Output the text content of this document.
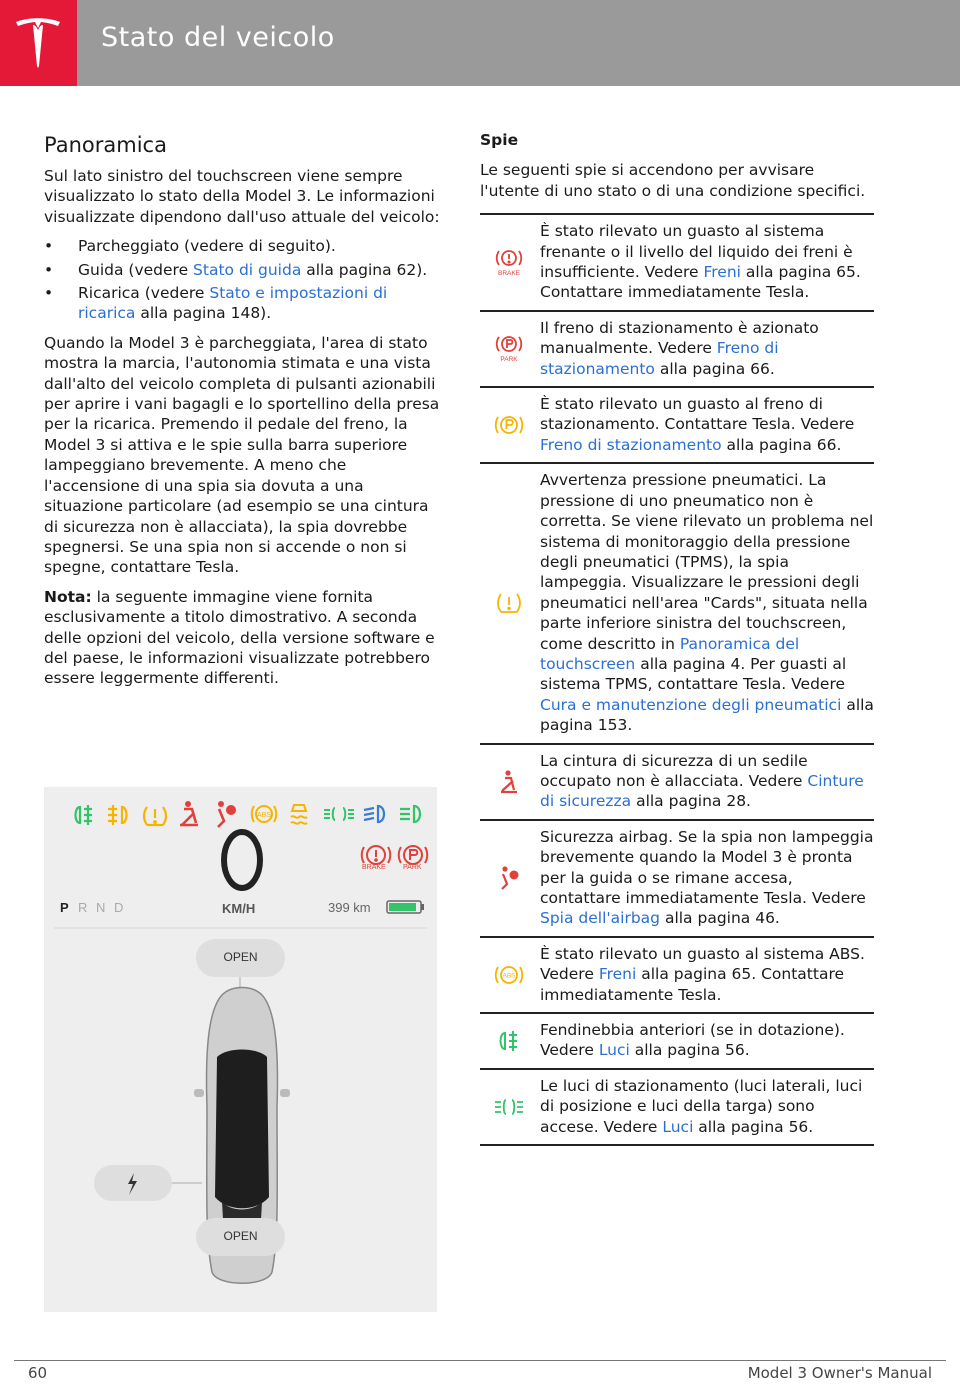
Stato del veicolo
Panoramica

Sul lato sinistro del touchscreen viene sempre visualizzato lo stato della Model 3. Le informazioni visualizzate dipendono dall'uso attuale del veicolo:

• Parcheggiato (vedere di seguito).
• Guida (vedere Stato di guida alla pagina 62).
• Ricarica (vedere Stato e impostazioni di ricarica alla pagina 148).

Quando la Model 3 è parcheggiata, l'area di stato mostra la marcia, l'autonomia stimata e una vista dall'alto del veicolo completa di pulsanti azionabili per aprire i vani bagagli e lo sportellino della presa per la ricarica. Premendo il pedale del freno, la Model 3 si attiva e le spie sulla barra superiore lampeggiano brevemente. A meno che l'accensione di una spia sia dovuta a una situazione particolare (ad esempio se una cintura di sicurezza non è allacciata), la spia dovrebbe spegnersi. Se una spia non si accende o non si spegne, contattare Tesla.

Nota: la seguente immagine viene fornita esclusivamente a titolo dimostrativo. A seconda delle opzioni del veicolo, della versione software e del paese, le informazioni visualizzate potrebbero essere leggermente differenti.

ABS
KM/H
P R N D	399 km
BRAKE PARK
OPEN
OPEN
Spie

Le seguenti spie si accendono per avvisare l'utente di uno stato o di una condizione specifici.

BRAKE	È stato rilevato un guasto al sistema frenante o il livello del liquido dei freni è insufficiente. Vedere Freni alla pagina 65. Contattare immediatamente Tesla.

PARK	Il freno di stazionamento è azionato manualmente. Vedere Freno di stazionamento alla pagina 66.

	È stato rilevato un guasto al freno di stazionamento. Contattare Tesla. Vedere Freno di stazionamento alla pagina 66.

	Avvertenza pressione pneumatici. La pressione di uno pneumatico non è corretta. Se viene rilevato un problema nel sistema di monitoraggio della pressione degli pneumatici (TPMS), la spia lampeggia. Visualizzare le pressioni degli pneumatici nell'area "Cards", situata nella parte inferiore sinistra del touchscreen, come descritto in Panoramica del touchscreen alla pagina 4. Per guasti al sistema TPMS, contattare Tesla. Vedere Cura e manutenzione degli pneumatici alla pagina 153.

	La cintura di sicurezza di un sedile occupato non è allacciata. Vedere Cinture di sicurezza alla pagina 28.

	Sicurezza airbag. Se la spia non lampeggia brevemente quando la Model 3 è pronta per la guida o se rimane accesa, contattare immediatamente Tesla. Vedere Spia dell'airbag alla pagina 46.

ABS	È stato rilevato un guasto al sistema ABS. Vedere Freni alla pagina 65. Contattare immediatamente Tesla.

	Fendinebbia anteriori (se in dotazione). Vedere Luci alla pagina 56.

	Le luci di stazionamento (luci laterali, luci di posizione e luci della targa) sono accese. Vedere Luci alla pagina 56.
60	Model 3 Owner's Manual
